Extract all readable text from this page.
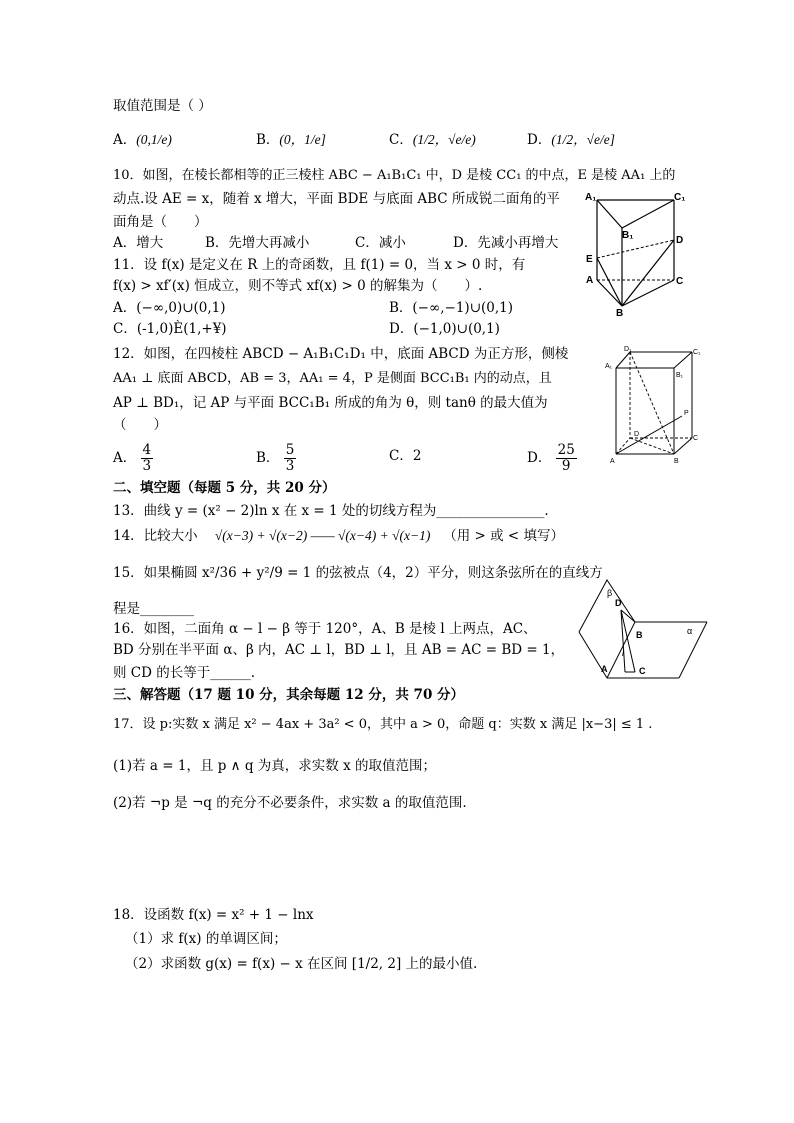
取值范围是（ ）
A．(0,1/e)	B．(0，1/e]	C．(1/2，√e/e)	D．(1/2，√e/e]
10．如图，在棱长都相等的正三棱柱 ABC − A₁B₁C₁ 中，D 是棱 CC₁ 的中点，E 是棱 AA₁ 上的
动点.设 AE = x，随着 x 增大，平面 BDE 与底面 ABC 所成锐二面角的平
面角是（　　）
A．增大	B．先增大再减小	C．减小	D．先减小再增大
A₁	C₁
B₁	D
E
A	C
B
11．设 f(x) 是定义在 R 上的奇函数，且 f(1) = 0，当 x > 0 时，有
f(x) > xf′(x) 恒成立，则不等式 xf(x) > 0 的解集为（　　）.
A．(−∞,0)∪(0,1)	B．(−∞,−1)∪(0,1)
C．(-1,0)È(1,+¥)	D．(−1,0)∪(0,1)
12．如图，在四棱柱 ABCD − A₁B₁C₁D₁ 中，底面 ABCD 为正方形，侧棱
AA₁ ⊥ 底面 ABCD，AB = 3，AA₁ = 4，P 是侧面 BCC₁B₁ 内的动点，且
AP ⊥ BD₁，记 AP 与平面 BCC₁B₁ 所成的角为 θ，则 tanθ 的最大值为
（　　）
A． $\frac{4}{3}$	B． $\frac{5}{3}$	C．2	D． $\frac{25}{9}$
D₁	C₁
A₁
B₁
P
D
C
A	B
二、填空题（每题 5 分，共 20 分）
13．曲线 y = (x² − 2)ln x 在 x = 1 处的切线方程为________________.
14．比较大小 √(x−3) + √(x−2) —— √(x−4) + √(x−1) （用 > 或 < 填写）
15．如果椭圆 x²/36 + y²/9 = 1 的弦被点（4，2）平分，则这条弦所在的直线方
程是________
16．如图，二面角 α − l − β 等于 120°，A、B 是棱 l 上两点，AC、
BD 分别在半平面 α、β 内，AC ⊥ l，BD ⊥ l，且 AB = AC = BD = 1，
则 CD 的长等于______.
β
D
B	α
l
A	C
三、解答题（17 题 10 分，其余每题 12 分，共 70 分）
17．设 p:实数 x 满足 x² − 4ax + 3a² < 0，其中 a > 0，命题 q：实数 x 满足 |x−3| ≤ 1 .
(1)若 a = 1，且 p ∧ q 为真，求实数 x 的取值范围；
(2)若 ¬p 是 ¬q 的充分不必要条件，求实数 a 的取值范围.
18．设函数 f(x) = x² + 1 − lnx
（1）求 f(x) 的单调区间；
（2）求函数 g(x) = f(x) − x 在区间 [1/2, 2] 上的最小值.
